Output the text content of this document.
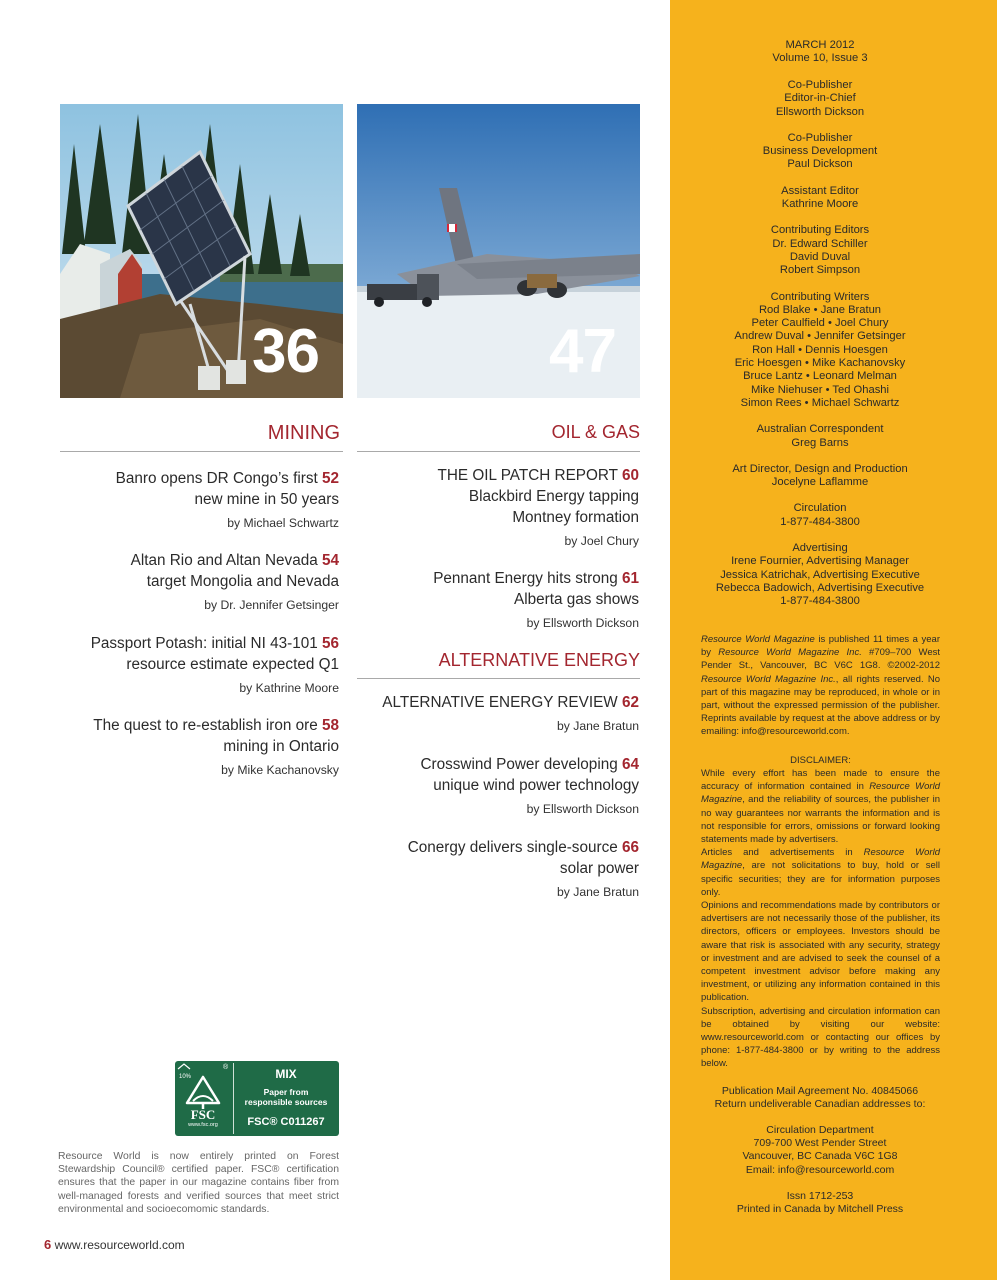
MARCH 2012
Volume 10, Issue 3
Co-Publisher
Editor-in-Chief
Ellsworth Dickson
Co-Publisher
Business Development
Paul Dickson
Assistant Editor
Kathrine Moore
Contributing Editors
Dr. Edward Schiller
David Duval
Robert Simpson
Contributing Writers
Rod Blake • Jane Bratun
Peter Caulfield • Joel Chury
Andrew Duval • Jennifer Getsinger
Ron Hall • Dennis Hoesgen
Eric Hoesgen • Mike Kachanovsky
Bruce Lantz • Leonard Melman
Mike Niehuser • Ted Ohashi
Simon Rees • Michael Schwartz
Australian Correspondent
Greg Barns
Art Director, Design and Production
Jocelyne Laflamme
Circulation
1-877-484-3800
Advertising
Irene Fournier, Advertising Manager
Jessica Katrichak, Advertising Executive
Rebecca Badowich, Advertising Executive
1-877-484-3800
Resource World Magazine is published 11 times a year by Resource World Magazine Inc. #709–700 West Pender St., Vancouver, BC V6C 1G8. ©2002-2012 Resource World Magazine Inc., all rights reserved. No part of this magazine may be reproduced, in whole or in part, without the expressed permission of the publisher. Reprints available by request at the above address or by emailing: info@resourceworld.com.
DISCLAIMER:
While every effort has been made to ensure the accuracy of information contained in Resource World Magazine, and the reliability of sources, the publisher in no way guarantees nor warrants the information and is not responsible for errors, omissions or forward looking statements made by advertisers.
Articles and advertisements in Resource World Magazine, are not solicitations to buy, hold or sell specific securities; they are for information purposes only.
Opinions and recommendations made by contributors or advertisers are not necessarily those of the publisher, its directors, officers or employees. Investors should be aware that risk is associated with any security, strategy or investment and are advised to seek the counsel of a competent investment advisor before making any investment, or utilizing any information contained in this publication.
Subscription, advertising and circulation information can be obtained by visiting our website: www.resourceworld.com or contacting our offices by phone: 1-877-484-3800 or by writing to the address below.
Publication Mail Agreement No. 40845066
Return undeliverable Canadian addresses to:
Circulation Department
709-700 West Pender Street
Vancouver, BC Canada V6C 1G8
Email: info@resourceworld.com
Issn 1712-253
Printed in Canada by Mitchell Press
36	47
MINING
Banro opens DR Congo’s first 52
new mine in 50 years
by Michael Schwartz
Altan Rio and Altan Nevada 54
target Mongolia and Nevada
by Dr. Jennifer Getsinger
Passport Potash: initial NI 43-101 56
resource estimate expected Q1
by Kathrine Moore
The quest to re-establish iron ore 58
mining in Ontario
by Mike Kachanovsky
OIL & GAS
THE OIL PATCH REPORT 60
Blackbird Energy tapping
Montney formation
by Joel Chury
Pennant Energy hits strong 61
Alberta gas shows
by Ellsworth Dickson
ALTERNATIVE ENERGY
ALTERNATIVE ENERGY REVIEW 62
by Jane Bratun
Crosswind Power developing 64
unique wind power technology
by Ellsworth Dickson
Conergy delivers single-source 66
solar power
by Jane Bratun
10%
®
FSC
www.fsc.org
MIX
Paper from
responsible sources
FSC® C011267
Resource World is now entirely printed on Forest Stewardship Council® certified paper. FSC® certification ensures that the paper in our magazine contains fiber from well-managed forests and verified sources that meet strict environmental and socioecomomic standards.
6 www.resourceworld.com
